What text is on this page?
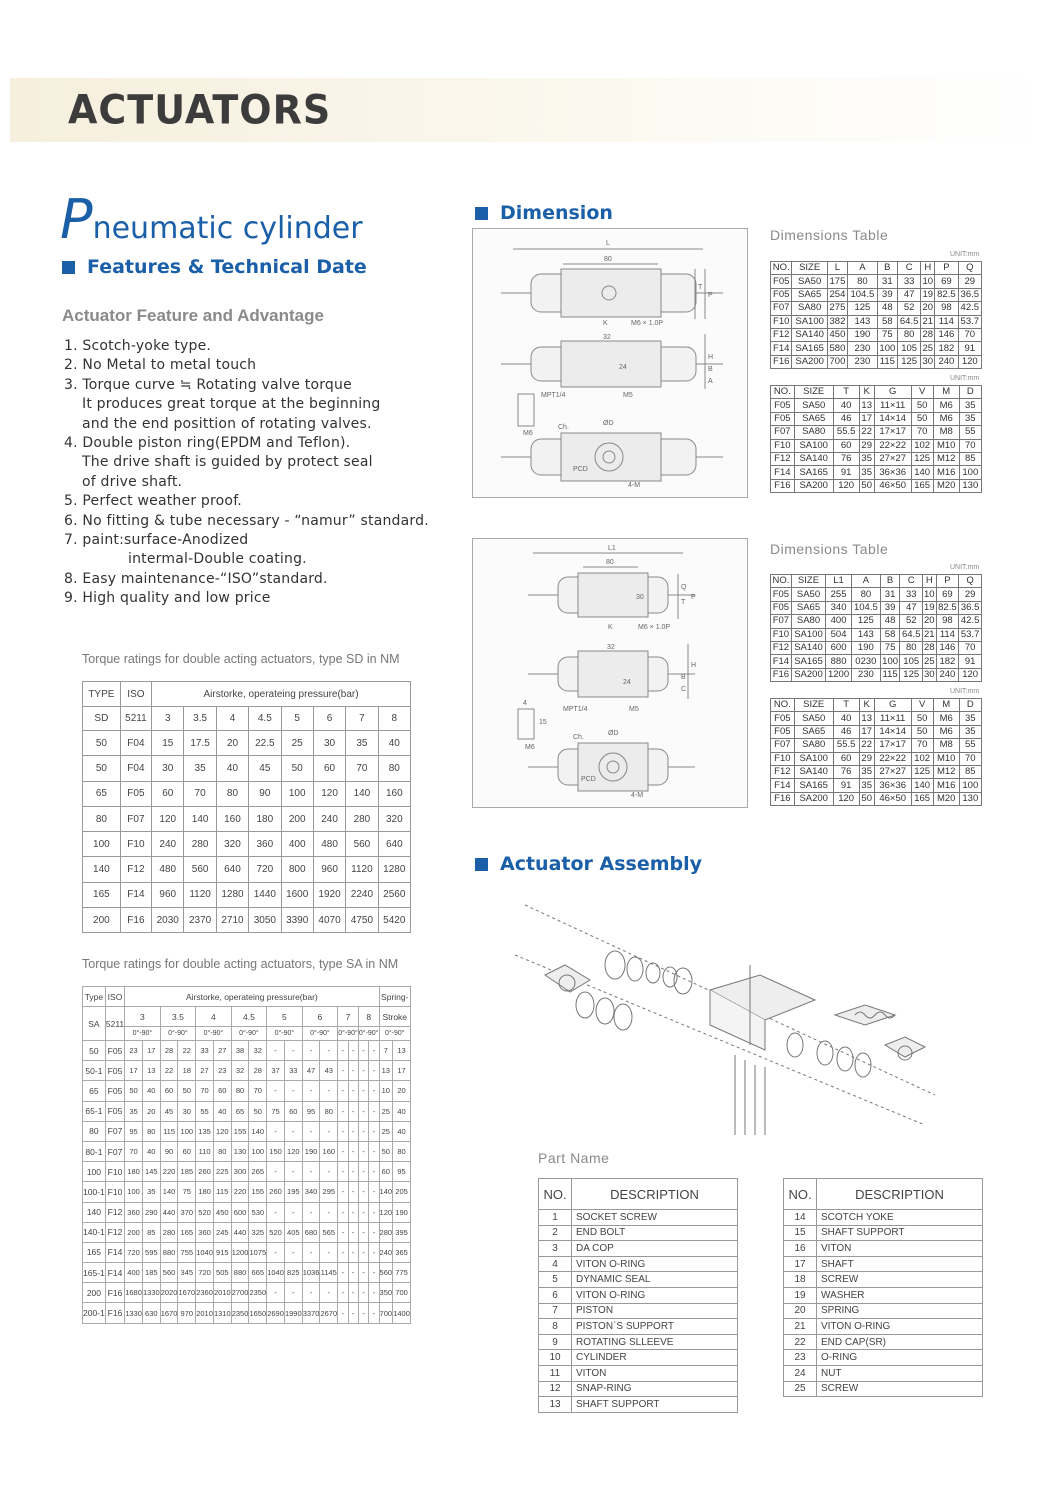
ACTUATORS
Pneumatic cylinder
Features & Technical Date
Dimension
Actuator Assembly
Actuator Feature and Advantage
1. Scotch-yoke type.
2. No Metal to metal touch
3. Torque curve ≒ Rotating valve torque
It produces great torque at the beginning
and the end posittion of rotating valves.
4. Double piston ring(EPDM and Teflon).
The drive shaft is guided by protect seal
of drive shaft.
5. Perfect weather proof.
6. No fitting & tube necessary - “namur” standard.
7. paint:surface-Anodized
intermal-Double coating.
8. Easy maintenance-“ISO”standard.
9. High quality and low price
Torque ratings for double acting actuators, type SD in NM
TYPE	ISO	Airstorke, operateing pressure(bar)							
SD	5211	3	3.5	4	4.5	5	6	7	8
50	F04	15	17.5	20	22.5	25	30	35	40
50	F04	30	35	40	45	50	60	70	80
65	F05	60	70	80	90	100	120	140	160
80	F07	120	140	160	180	200	240	280	320
100	F10	240	280	320	360	400	480	560	640
140	F12	480	560	640	720	800	960	1120	1280
165	F14	960	1120	1280	1440	1600	1920	2240	2560
200	F16	2030	2370	2710	3050	3390	4070	4750	5420
Torque ratings for double acting actuators, type SA in NM
Type	ISO	Airstorke, operateing pressure(bar)																Spring-	
SA	5211	3		3.5		4		4.5		5		6		7		8		Stroke	
		0°-90°		0°-90°		0°-90°		0°-90°		0°-90°		0°-90°		0°-90°		0°-90°		0°-90°	
50	F05	23	17	28	22	33	27	38	32	-	-	-	-	-	-	-	-	7	13
50-1	F05	17	13	22	18	27	23	32	28	37	33	47	43	-	-	-	-	13	17
65	F05	50	40	60	50	70	60	80	70	-	-	-	-	-	-	-	-	10	20
65-1	F05	35	20	45	30	55	40	65	50	75	60	95	80	-	-	-	-	25	40
80	F07	95	80	115	100	135	120	155	140	-	-	-	-	-	-	-	-	25	40
80-1	F07	70	40	90	60	110	80	130	100	150	120	190	160	-	-	-	-	50	80
100	F10	180	145	220	185	260	225	300	265	-	-	-	-	-	-	-	-	60	95
100-1	F10	100	35	140	75	180	115	220	155	260	195	340	295	-	-	-	-	140	205
140	F12	360	290	440	370	520	450	600	530	-	-	-	-	-	-	-	-	120	190
140-1	F12	200	85	280	165	360	245	440	325	520	405	680	565	-	-	-	-	280	395
165	F14	720	595	880	755	1040	915	1200	1075	-	-	-	-	-	-	-	-	240	365
165-1	F14	400	185	560	345	720	505	880	665	1040	825	1036	1145	-	-	-	-	560	775
200	F16	1680	1330	2020	1670	2360	2010	2700	2350	-	-	-	-	-	-	-	-	350	700
200-1	F16	1330	630	1670	970	2010	1310	2350	1650	2690	1990	3370	2670	-	-	-	-	700	1400
L
80
M6 × 1.0P
K
T
P
32
24
H
B
A
MPT1/4	M5
M6
Ch.
ØD
PCD
4-M
L1
80
30
K	M6 × 1.0P
Q
T
P
32
24
H
B
C
MPT1/4	M5
4
15
M6
Ch.
ØD
PCD
4-M
Dimensions Table
UNIT:mm
NO.	SIZE	L	A	B	C	H	P	Q
F05	SA50	175	80	31	33	10	69	29
F05	SA65	254	104.5	39	47	19	82.5	36.5
F07	SA80	275	125	48	52	20	98	42.5
F10	SA100	382	143	58	64.5	21	114	53.7
F12	SA140	450	190	75	80	28	146	70
F14	SA165	580	230	100	105	25	182	91
F16	SA200	700	230	115	125	30	240	120
UNIT:mm
NO.	SIZE	T	K	G	V	M	D
F05	SA50	40	13	11×11	50	M6	35
F05	SA65	46	17	14×14	50	M6	35
F07	SA80	55.5	22	17×17	70	M8	55
F10	SA100	60	29	22×22	102	M10	70
F12	SA140	76	35	27×27	125	M12	85
F14	SA165	91	35	36×36	140	M16	100
F16	SA200	120	50	46×50	165	M20	130
Dimensions Table
UNIT:mm
NO.	SIZE	L1	A	B	C	H	P	Q
F05	SA50	255	80	31	33	10	69	29
F05	SA65	340	104.5	39	47	19	82.5	36.5
F07	SA80	400	125	48	52	20	98	42.5
F10	SA100	504	143	58	64.5	21	114	53.7
F12	SA140	600	190	75	80	28	146	70
F14	SA165	880	0230	100	105	25	182	91
F16	SA200	1200	230	115	125	30	240	120
UNIT:mm
NO.	SIZE	T	K	G	V	M	D
F05	SA50	40	13	11×11	50	M6	35
F05	SA65	46	17	14×14	50	M6	35
F07	SA80	55.5	22	17×17	70	M8	55
F10	SA100	60	29	22×22	102	M10	70
F12	SA140	76	35	27×27	125	M12	85
F14	SA165	91	35	36×36	140	M16	100
F16	SA200	120	50	46×50	165	M20	130
Part Name
NO.	DESCRIPTION
1	SOCKET SCREW
2	END BOLT
3	DA COP
4	VITON O-RING
5	DYNAMIC SEAL
6	VITON O-RING
7	PISTON
8	PISTON`S SUPPORT
9	ROTATING SLLEEVE
10	CYLINDER
11	VITON
12	SNAP-RING
13	SHAFT SUPPORT
NO.	DESCRIPTION
14	SCOTCH YOKE
15	SHAFT SUPPORT
16	VITON
17	SHAFT
18	SCREW
19	WASHER
20	SPRING
21	VITON O-RING
22	END CAP(SR)
23	O-RING
24	NUT
25	SCREW
